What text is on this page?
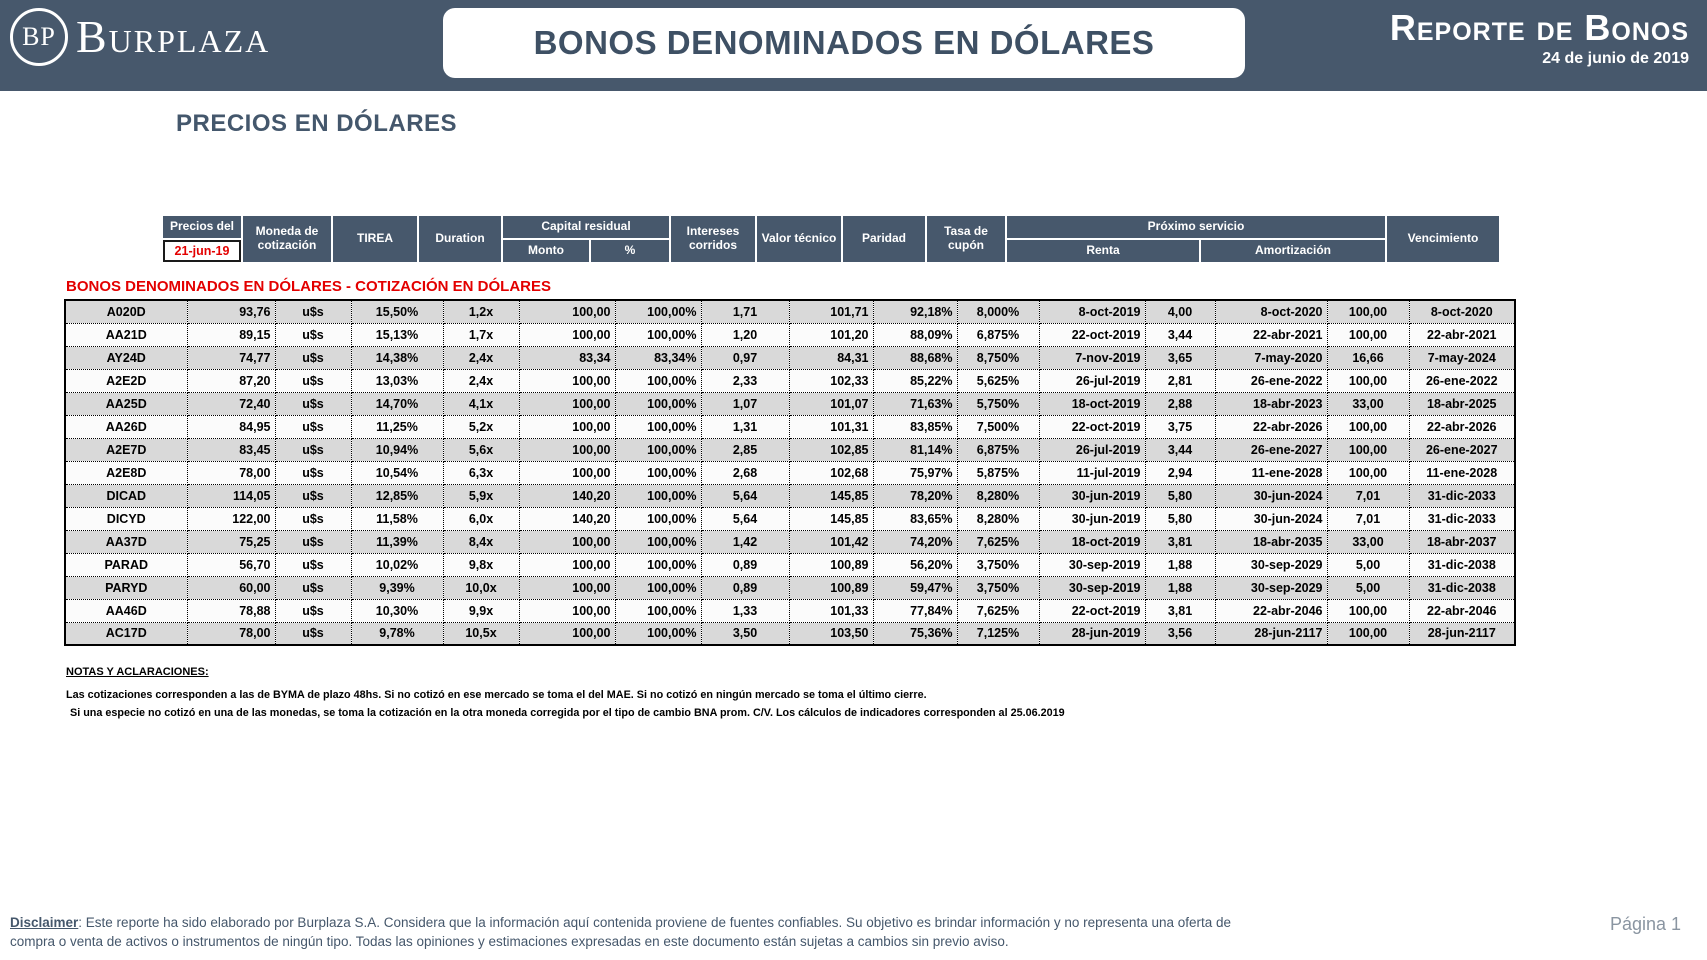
BP Burplaza	BONOS DENOMINADOS EN DÓLARES	Reporte de Bonos
24 de junio de 2019
PRECIOS EN DÓLARES
Precios del	Moneda de cotización	TIREA	Duration	Capital residual		Intereses corridos	Valor técnico	Paridad	Tasa de cupón	Próximo servicio		Vencimiento
21-jun-19				Monto	%					Renta	Amortización	
BONOS DENOMINADOS EN DÓLARES - COTIZACIÓN EN DÓLARES
A020D	93,76	u$s	15,50%	1,2x	100,00	100,00%	1,71	101,71	92,18%	8,000%	8-oct-2019	4,00	8-oct-2020	100,00	8-oct-2020
AA21D	89,15	u$s	15,13%	1,7x	100,00	100,00%	1,20	101,20	88,09%	6,875%	22-oct-2019	3,44	22-abr-2021	100,00	22-abr-2021
AY24D	74,77	u$s	14,38%	2,4x	83,34	83,34%	0,97	84,31	88,68%	8,750%	7-nov-2019	3,65	7-may-2020	16,66	7-may-2024
A2E2D	87,20	u$s	13,03%	2,4x	100,00	100,00%	2,33	102,33	85,22%	5,625%	26-jul-2019	2,81	26-ene-2022	100,00	26-ene-2022
AA25D	72,40	u$s	14,70%	4,1x	100,00	100,00%	1,07	101,07	71,63%	5,750%	18-oct-2019	2,88	18-abr-2023	33,00	18-abr-2025
AA26D	84,95	u$s	11,25%	5,2x	100,00	100,00%	1,31	101,31	83,85%	7,500%	22-oct-2019	3,75	22-abr-2026	100,00	22-abr-2026
A2E7D	83,45	u$s	10,94%	5,6x	100,00	100,00%	2,85	102,85	81,14%	6,875%	26-jul-2019	3,44	26-ene-2027	100,00	26-ene-2027
A2E8D	78,00	u$s	10,54%	6,3x	100,00	100,00%	2,68	102,68	75,97%	5,875%	11-jul-2019	2,94	11-ene-2028	100,00	11-ene-2028
DICAD	114,05	u$s	12,85%	5,9x	140,20	100,00%	5,64	145,85	78,20%	8,280%	30-jun-2019	5,80	30-jun-2024	7,01	31-dic-2033
DICYD	122,00	u$s	11,58%	6,0x	140,20	100,00%	5,64	145,85	83,65%	8,280%	30-jun-2019	5,80	30-jun-2024	7,01	31-dic-2033
AA37D	75,25	u$s	11,39%	8,4x	100,00	100,00%	1,42	101,42	74,20%	7,625%	18-oct-2019	3,81	18-abr-2035	33,00	18-abr-2037
PARAD	56,70	u$s	10,02%	9,8x	100,00	100,00%	0,89	100,89	56,20%	3,750%	30-sep-2019	1,88	30-sep-2029	5,00	31-dic-2038
PARYD	60,00	u$s	9,39%	10,0x	100,00	100,00%	0,89	100,89	59,47%	3,750%	30-sep-2019	1,88	30-sep-2029	5,00	31-dic-2038
AA46D	78,88	u$s	10,30%	9,9x	100,00	100,00%	1,33	101,33	77,84%	7,625%	22-oct-2019	3,81	22-abr-2046	100,00	22-abr-2046
AC17D	78,00	u$s	9,78%	10,5x	100,00	100,00%	3,50	103,50	75,36%	7,125%	28-jun-2019	3,56	28-jun-2117	100,00	28-jun-2117
NOTAS Y ACLARACIONES:
Las cotizaciones corresponden a las de BYMA de plazo 48hs. Si no cotizó en ese mercado se toma el del MAE. Si no cotizó en ningún mercado se toma el último cierre.
Si una especie no cotizó en una de las monedas, se toma la cotización en la otra moneda corregida por el tipo de cambio BNA prom. C/V. Los cálculos de indicadores corresponden al 25.06.2019
Disclaimer: Este reporte ha sido elaborado por Burplaza S.A. Considera que la información aquí contenida proviene de fuentes confiables. Su objetivo es brindar información y no representa una oferta de
compra o venta de activos o instrumentos de ningún tipo. Todas las opiniones y estimaciones expresadas en este documento están sujetas a cambios sin previo aviso.
Página 1
